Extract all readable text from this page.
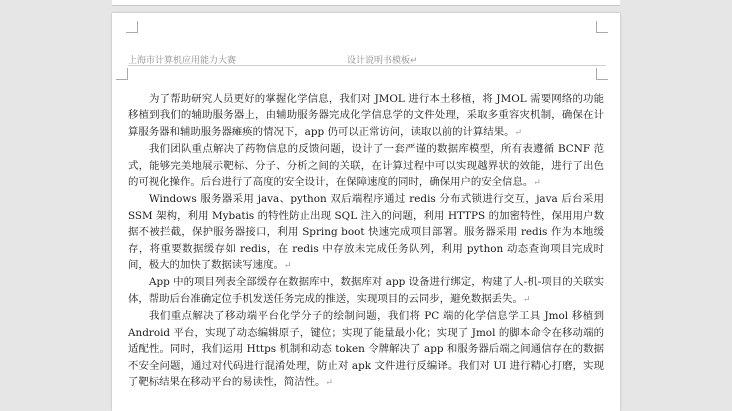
上海市计算机应用能力大赛	设计说明书模板↵

为了帮助研究人员更好的掌握化学信息，我们对 JMOL 进行本土移植，将 JMOL 需要网络的功能移植到我们的辅助服务器上，由辅助服务器完成化学信息学的文件处理，采取多重容灾机制，确保在计算服务器和辅助服务器瘫痪的情况下，app 仍可以正常访问，读取以前的计算结果。↵

我们团队重点解决了药物信息的反馈问题，设计了一套严谨的数据库模型，所有表遵循 BCNF 范式，能够完美地展示靶标、分子、分析之间的关联，在计算过程中可以实现越界状的效能，进行了出色的可视化操作。后台进行了高度的安全设计，在保障速度的同时，确保用户的安全信息。↵

Windows 服务器采用 java、python 双后端程序通过 redis 分布式锁进行交互，java 后台采用 SSM 架构，利用 Mybatis 的特性防止出现 SQL 注入的问题，利用 HTTPS 的加密特性，保用用户数据不被拦截，保护服务器接口，利用 Spring boot 快速完成项目部署。服务器采用 redis 作为本地缓存，将重要数据缓存如 redis，在 redis 中存放未完成任务队列，利用 python 动态查询项目完成时间，极大的加快了数据读写速度。↵

App 中的项目列表全部缓存在数据库中，数据库对 app 设备进行绑定，构建了人-机-项目的关联实体，帮助后台准确定位手机发送任务完成的推送，实现项目的云同步，避免数据丢失。↵

我们重点解决了移动端平台化学分子的绘制问题，我们将 PC 端的化学信息学工具 Jmol 移植到 Android 平台，实现了动态编辑原子，键位；实现了能量最小化；实现了 Jmol 的脚本命令在移动端的适配性。同时，我们运用 Https 机制和动态 token 令牌解决了 app 和服务器后端之间通信存在的数据不安全问题，通过对代码进行混淆处理，防止对 apk 文件进行反编译。我们对 UI 进行精心打磨，实现了靶标结果在移动平台的易读性，简洁性。↵
